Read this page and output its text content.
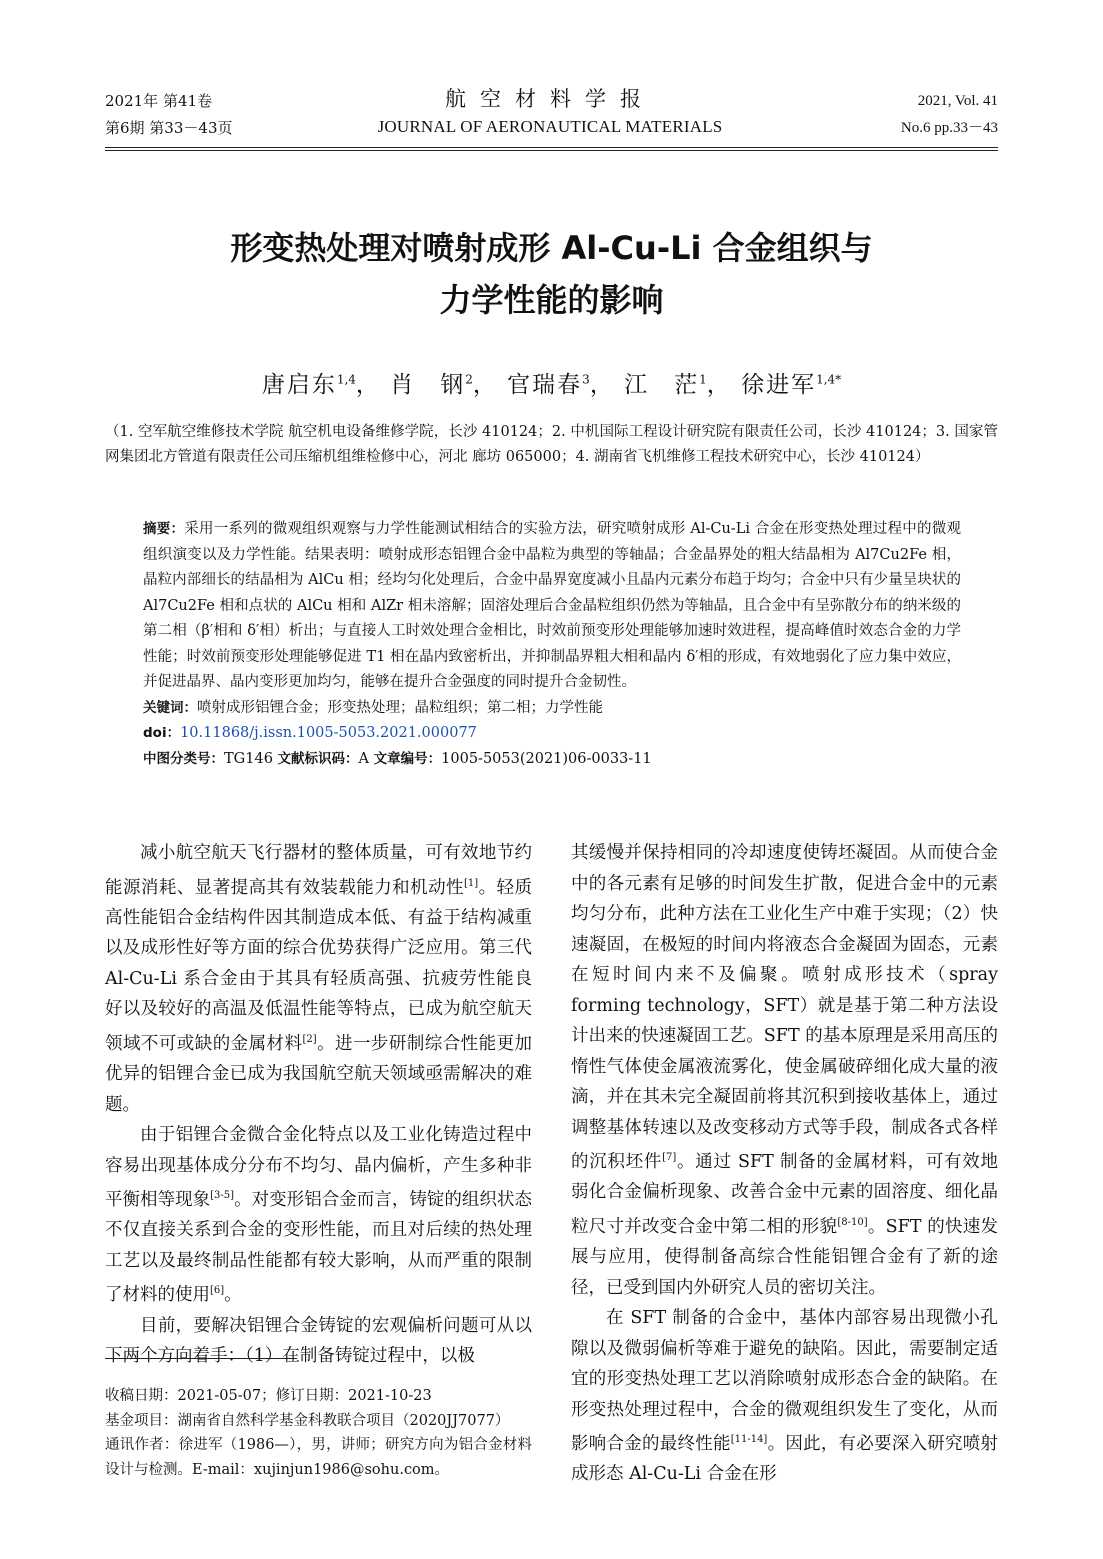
2021年 第41卷
第6期 第33－43页
航空材料学报
JOURNAL OF AERONAUTICAL MATERIALS
2021, Vol. 41
No.6 pp.33－43
形变热处理对喷射成形 Al-Cu-Li 合金组织与
力学性能的影响
唐启东$^{1,4}$， 肖　钢$^2$， 官瑞春$^3$， 江　茫$^1$， 徐进军$^{1,4*}$
（1. 空军航空维修技术学院 航空机电设备维修学院，长沙 410124；2. 中机国际工程设计研究院有限责任公司，长沙 410124；3. 国家管网集团北方管道有限责任公司压缩机组维检修中心，河北 廊坊 065000；4. 湖南省飞机维修工程技术研究中心，长沙 410124）
摘要：采用一系列的微观组织观察与力学性能测试相结合的实验方法，研究喷射成形 Al-Cu-Li 合金在形变热处理过程中的微观组织演变以及力学性能。结果表明：喷射成形态铝锂合金中晶粒为典型的等轴晶；合金晶界处的粗大结晶相为 Al7Cu2Fe 相，晶粒内部细长的结晶相为 AlCu 相；经均匀化处理后，合金中晶界宽度减小且晶内元素分布趋于均匀；合金中只有少量呈块状的 Al7Cu2Fe 相和点状的 AlCu 相和 AlZr 相未溶解；固溶处理后合金晶粒组织仍然为等轴晶，且合金中有呈弥散分布的纳米级的第二相（β′相和 δ′相）析出；与直接人工时效处理合金相比，时效前预变形处理能够加速时效进程，提高峰值时效态合金的力学性能；时效前预变形处理能够促进 T1 相在晶内致密析出，并抑制晶界粗大相和晶内 δ′相的形成，有效地弱化了应力集中效应，并促进晶界、晶内变形更加均匀，能够在提升合金强度的同时提升合金韧性。
关键词：喷射成形铝锂合金；形变热处理；晶粒组织；第二相；力学性能
doi：10.11868/j.issn.1005-5053.2021.000077
中图分类号：TG146 文献标识码：A 文章编号：1005-5053(2021)06-0033-11

减小航空航天飞行器材的整体质量，可有效地节约能源消耗、显著提高其有效装载能力和机动性[1]。轻质高性能铝合金结构件因其制造成本低、有益于结构减重以及成形性好等方面的综合优势获得广泛应用。第三代 Al-Cu-Li 系合金由于其具有轻质高强、抗疲劳性能良好以及较好的高温及低温性能等特点，已成为航空航天领域不可或缺的金属材料[2]。进一步研制综合性能更加优异的铝锂合金已成为我国航空航天领域亟需解决的难题。

由于铝锂合金微合金化特点以及工业化铸造过程中容易出现基体成分分布不均匀、晶内偏析，产生多种非平衡相等现象[3-5]。对变形铝合金而言，铸锭的组织状态不仅直接关系到合金的变形性能，而且对后续的热处理工艺以及最终制品性能都有较大影响，从而严重的限制了材料的使用[6]。

目前，要解决铝锂合金铸锭的宏观偏析问题可从以下两个方向着手：（1）在制备铸锭过程中，以极

其缓慢并保持相同的冷却速度使铸坯凝固。从而使合金中的各元素有足够的时间发生扩散，促进合金中的元素均匀分布，此种方法在工业化生产中难于实现；（2）快速凝固，在极短的时间内将液态合金凝固为固态，元素在短时间内来不及偏聚。喷射成形技术（spray forming technology，SFT）就是基于第二种方法设计出来的快速凝固工艺。SFT 的基本原理是采用高压的惰性气体使金属液流雾化，使金属破碎细化成大量的液滴，并在其未完全凝固前将其沉积到接收基体上，通过调整基体转速以及改变移动方式等手段，制成各式各样的沉积坯件[7]。通过 SFT 制备的金属材料，可有效地弱化合金偏析现象、改善合金中元素的固溶度、细化晶粒尺寸并改变合金中第二相的形貌[8-10]。SFT 的快速发展与应用，使得制备高综合性能铝锂合金有了新的途径，已受到国内外研究人员的密切关注。

在 SFT 制备的合金中，基体内部容易出现微小孔隙以及微弱偏析等难于避免的缺陷。因此，需要制定适宜的形变热处理工艺以消除喷射成形态合金的缺陷。在形变热处理过程中，合金的微观组织发生了变化，从而影响合金的最终性能[11-14]。因此，有必要深入研究喷射成形态 Al-Cu-Li 合金在形

收稿日期：2021-05-07；修订日期：2021-10-23
基金项目：湖南省自然科学基金科教联合项目（2020JJ7077）
通讯作者：徐进军（1986—），男，讲师；研究方向为铝合金材料设计与检测。E-mail：xujinjun1986@sohu.com。
